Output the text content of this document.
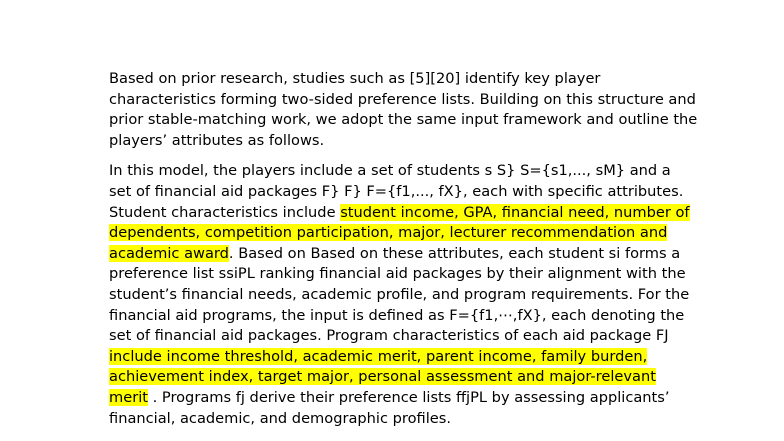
Based on prior research, studies such as [5][20] identify key player
characteristics forming two-sided preference lists. Building on this structure and
prior stable-matching work, we adopt the same input framework and outline the
players’ attributes as follows.

In this model, the players include a set of students s S} S={s1,..., sM} and a
set of financial aid packages F} F} F={f1,..., fX}, each with specific attributes.
Student characteristics include student income, GPA, financial need, number of
dependents, competition participation, major, lecturer recommendation and
academic award. Based on Based on these attributes, each student si forms a
preference list ssiPL ranking financial aid packages by their alignment with the
student’s financial needs, academic profile, and program requirements. For the
financial aid programs, the input is defined as F={f1,⋯,fX}, each denoting the
set of financial aid packages. Program characteristics of each aid package FJ
include income threshold, academic merit, parent income, family burden,
achievement index, target major, personal assessment and major-relevant
merit . Programs fj derive their preference lists ffjPL by assessing applicants’
financial, academic, and demographic profiles.
